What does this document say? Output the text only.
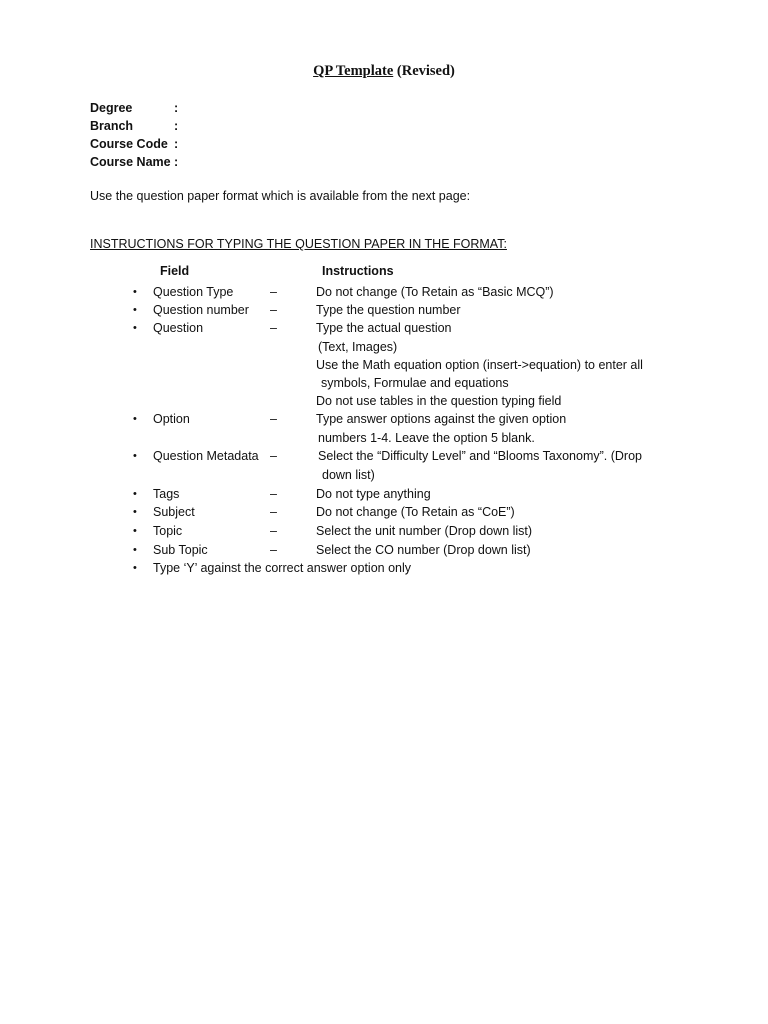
QP Template (Revised)
Degree	:
Branch	:
Course Code :
Course Name :
Use the question paper format which is available from the next page:
INSTRUCTIONS FOR TYPING THE QUESTION PAPER IN THE FORMAT:
Field	Instructions
• Question Type	–	Do not change (To Retain as “Basic MCQ”)
• Question number –	Type the question number
• Question	–	Type the actual question
(Text, Images)
Use the Math equation option (insert->equation) to enter all
symbols, Formulae and equations
Do not use tables in the question typing field
• Option	–	Type answer options against the given option
numbers 1-4. Leave the option 5 blank.
• Question Metadata –	Select the “Difficulty Level” and “Blooms Taxonomy”. (Drop
down list)
• Tags	–	Do not type anything
• Subject	–	Do not change (To Retain as “CoE”)
• Topic	–	Select the unit number (Drop down list)
• Sub Topic	–	Select the CO number (Drop down list)
• Type ‘Y’ against the correct answer option only
